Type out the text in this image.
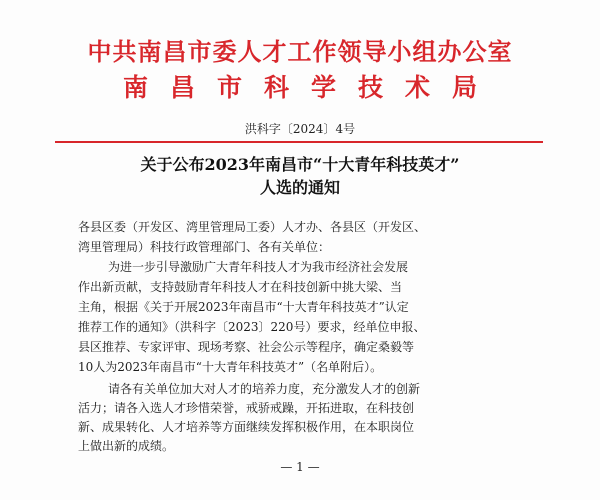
中共南昌市委人才工作领导小组办公室
南昌市科学技术局
洪科字〔2024〕4号
关于公布2023年南昌市“十大青年科技英才”
人选的通知
各县区委（开发区、湾里管理局工委）人才办、各县区（开发区、
湾里管理局）科技行政管理部门、各有关单位：
为进一步引导激励广大青年科技人才为我市经济社会发展
作出新贡献，支持鼓励青年科技人才在科技创新中挑大梁、当
主角，根据《关于开展2023年南昌市“十大青年科技英才”认定
推荐工作的通知》（洪科字〔2023〕220号）要求，经单位申报、
县区推荐、专家评审、现场考察、社会公示等程序，确定桑毅等
10人为2023年南昌市“十大青年科技英才”（名单附后）。
请各有关单位加大对人才的培养力度，充分激发人才的创新
活力；请各入选人才珍惜荣誉，戒骄戒躁，开拓进取，在科技创
新、成果转化、人才培养等方面继续发挥积极作用，在本职岗位
— 1 —
上做出新的成绩。
